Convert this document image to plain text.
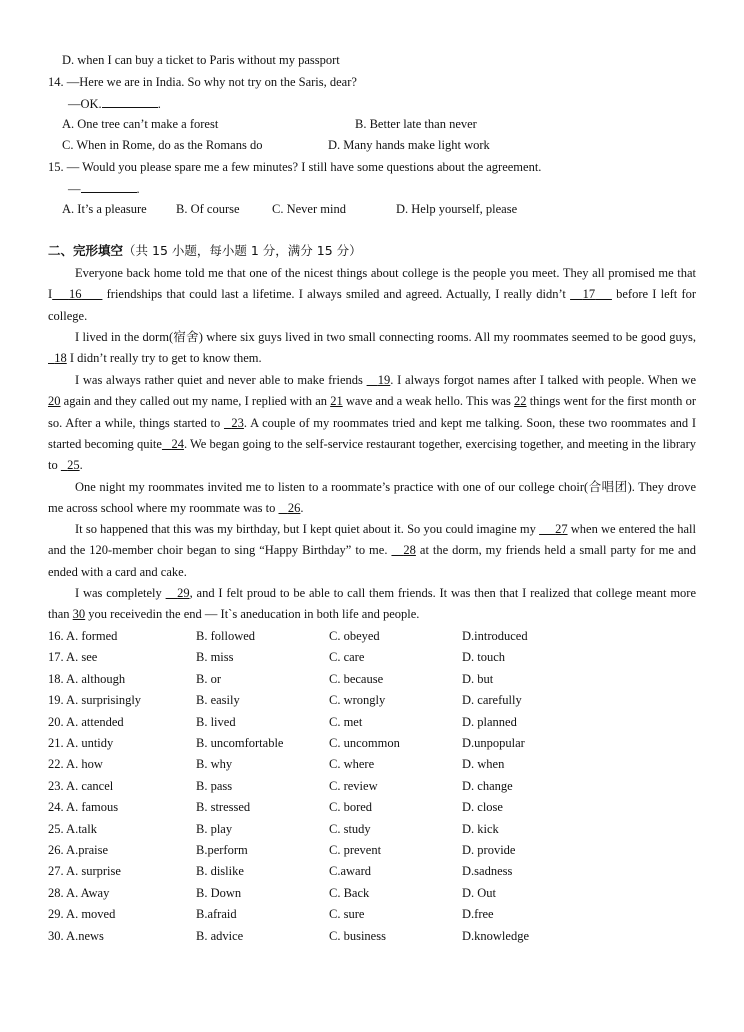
D. when I can buy a ticket to Paris without my passport
14. —Here we are in India. So why not try on the Saris, dear?
—OK.	.
A. One tree can’t make a forest	B. Better late than never
C. When in Rome, do as the Romans do	D. Many hands make light work
15. — Would you please spare me a few minutes? I still have some questions about the agreement.
—	.
A. It’s a pleasure B. Of course	C. Never mind	D. Help yourself, please
二、完形填空（共 15 小题，每小题 1 分，满分 15 分）
Everyone back home told me that one of the nicest things about college is the people you meet. They all promised me that I 16      friendships that could last a lifetime. I always smiled and agreed. Actually, I really didn’t    17     before I left for college.
I lived in the dorm(宿舍) where six guys lived in two small connecting rooms. All my roommates seemed to be good guys,   18 I didn’t really try to get to know them.
I was always rather quiet and never able to make friends    19. I always forgot names after I talked with people. When we 20 again and they called out my name, I replied with an 21 wave and a weak hello. This was 22 things went for the first month or so. After a while, things started to   23. A couple of my roommates tried and kept me talking. Soon, these two roommates and I started becoming quite 24. We began going to the self-service restaurant together, exercising together, and meeting in the library to   25.
One night my roommates invited me to listen to a roommate’s practice with one of our college choir(合唱团). They drove me across school where my roommate was to    26.
It so happened that this was my birthday, but I kept quiet about it. So you could imagine my      27 when we entered the hall and the 120-member choir began to sing “Happy Birthday” to me.    28 at the dorm, my friends held a small party for me and ended with a card and cake.
I was completely    29, and I felt proud to be able to call them friends. It was then that I realized that college meant more than 30 you receivedin the end — It`s aneducation in both life and people.
16. A. formed	B. followed	C. obeyed	D.introduced
17. A. see	B. miss	C. care	D. touch
18. A. although	B. or	C. because	D. but
19. A. surprisingly	B. easily	C. wrongly	D. carefully
20. A. attended	B. lived	C. met	D. planned
21. A. untidy	B. uncomfortable	C. uncommon	D.unpopular
22. A. how	B. why	C. where	D. when
23. A. cancel	B. pass	C. review	D. change
24. A. famous	B. stressed	C. bored	D. close
25. A.talk	B. play	C. study	D. kick
26. A.praise	B.perform	C. prevent	D. provide
27. A. surprise	B. dislike	C.award	D.sadness
28. A. Away	B. Down	C. Back	D. Out
29. A. moved	B.afraid	C. sure	D.free
30. A.news	B. advice	C. business	D.knowledge
